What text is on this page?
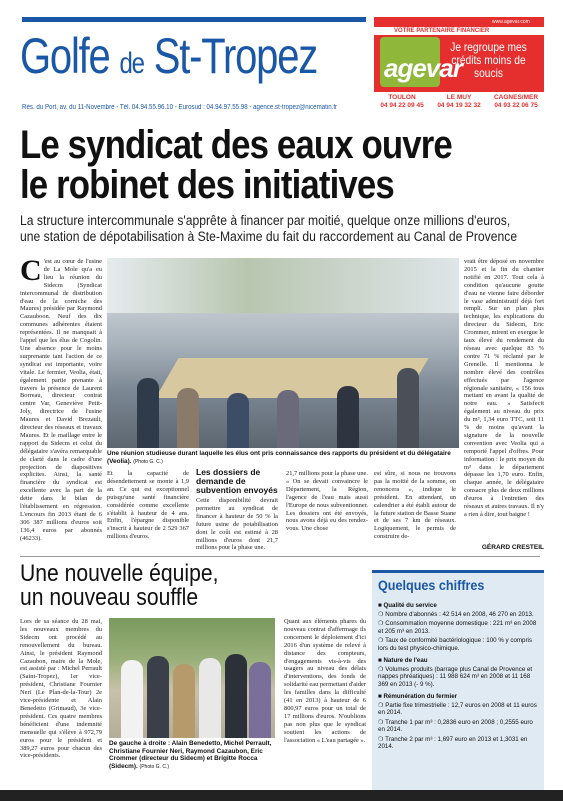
Golfe de St-Tropez
Rés. du Port, av. du 11-Novembre - Tél. 04.94.55.96.10 - Eurosud : 04.94.97.55.98 - agence.st-tropez@nicematin.fr
www.agevar.com
VOTRE PARTENAIRE FINANCIER
agevar
Je regroupe mes crédits moins de soucis
TOULON
04 94 22 09 45
LE MUY
04 94 19 32 32
CAGNES/MER
04 93 22 06 75
Le syndicat des eaux ouvre
le robinet des initiatives
La structure intercommunale s'apprête à financer par moitié, quelque onze millions d'euros,
une station de dépotabilisation à Ste-Maxime du fait du raccordement au Canal de Provence
C 'est au cœur de l'usine de La Mole qu'a eu lieu la réunion du Sidecm (Syndicat intercommunal de distribution d'eau de la corniche des Maures) présidée par Raymond Cazauboon. Neuf des dix communes adhérentes étaient représentées. Il ne manquait à l'appel que les élus de Cogolin. Une absence pour le moins surprenante tant l'action de ce syndicat est importante, voire vitale. Le fermier, Veolia, était, également partie prenante à travers la présence de Laurent Borreau, directeur contrat centre Var, Geneviève Petit-Joly, directrice de l'usine Maures et David Brezault, directeur des réseaux et travaux Maures. Et le maillage entre le rapport du Sidecm et celui du délégataire s'avéra remarquable de clarté dans le cadre d'une projection de diapositives explicites. Ainsi, la santé financière du syndicat est excellente avec la part de la dette dans le bilan de l'établissement en régression. L'encours fin 2013 étant de 6 306 387 millions d'euros soit 136,4 euros par abonnés (46233).
Une réunion studieuse durant laquelle les élus ont pris connaissance des rapports du président et du délégataire (Veolia). (Photo G. C.)
Et la capacité de désendettement se monte à 1,9 an. Ce qui est exceptionnel puisqu'une santé financière considérée comme excellente s'établit à hauteur de 4 ans. Enfin, l'épargne disponible s'inscrit à hauteur de 2 529 367 millions d'euros.
Les dossiers de demande de subvention envoyés
Cette disponibilité devrait permettre au syndicat de financer à hauteur de 50 % la future usine de potabilisation dont le coût est estimé à 28 millions d'euros dont 21,7 millions pour la phase une.
21,7 millions pour la phase une. « On se devait convaincre le Département, la Région, l'agence de l'eau mais aussi l'Europe de nous subventionner. Les dossiers ont été envoyés, nous avons déjà eu des rendez-vous. Une chose
est sûre, si nous ne trouvons pas la moitié de la somme, on renoncera », indique le président. En attendant, un calendrier a été établi autour de la future station de Basse Suane et de ses 7 km de réseaux. Logiquement, le permis de construire de-
vrait être déposé en novembre 2015 et la fin du chantier notifié en 2017. Tout cela à condition qu'aucune goutte d'eau ne vienne faire déborder le vase administratif déjà fort rempli. Sur un plan plus technique, les explications du directeur du Sidecm, Eric Crommer, mirent en exergue le taux élevé du rendement du réseau avec quelque 83 % contre 71 % réclamé par le Grenelle. Il mentionna le nombre élevé des contrôles effectués par l'agence régionale sanitaire, « 156 tous mettant en avant la qualité de notre eau. » Satisfecit également au niveau du prix du m³, 1,34 euro TTC, soit 11 % de moins qu'avant la signature de la nouvelle convention avec Veolia qui a remporté l'appel d'offres. Pour information : le prix moyen du m³ dans le département dépasse les 1,70 euro. Enfin, chaque année, le délégataire consacre plus de deux millions d'euros à l'entretien des réseaux et autres travaux. Il n'y a rien à dire, tout baigne !
GÉRARD CRESTEIL
Une nouvelle équipe,
un nouveau souffle
Lors de sa séance du 28 mai, les nouveaux membres du Sidecm ont procédé au renouvellement du bureau. Ainsi, le président Raymond Cazaubon, maire de la Mole, est assisté par : Michel Perrault (Saint-Tropez), 1er vice-président, Christiane Fournier Neri (Le Plan-de-la-Tour) 2e vice-présidente et Alain Benedetto (Grimaud), 3e vice-président. Ces quatre membres bénéficient d'une indemnité mensuelle qui s'élève à 972,79 euros pour le président et 389,27 euros pour chacun des vice-présidents.
De gauche à droite : Alain Benedetto, Michel Perrault, Christiane Fournier Neri, Raymond Cazaubon, Eric Crommer (directeur du Sidecm) et Brigitte Rocca (Sidecm). (Photo G. C.)
Quant aux éléments phares du nouveau contrat d'affermage ils concernent le déploiement d'ici 2016 d'un système de relevé à distance des compteurs, d'engagements vis-à-vis des usagers au niveau des délais d'interventions, des fonds de solidarité eau permettant d'aider les familles dans la difficulté (41 en 2013) à hauteur de 6 800,97 euros pour un total de 17 millions d'euros. N'oublions pas non plus que le syndicat soutient les actions de l'association « L'eau partagée ».
Quelques chiffres
■ Qualité du service
❍ Nombre d'abonnés : 42 514 en 2008, 46 270 en 2013.
❍ Consommation moyenne domestique : 221 m³ en 2008 et 205 m³ en 2013.
❍ Taux de conformité bactériologique : 100 % y compris lors du test physico-chimique.
■ Nature de l'eau
❍ Volumes produits (barrage plus Canal de Provence et nappes phréatiques) : 11 988 624 m³ en 2008 et 11 168 369 en 2013 (- 9 %).
■ Rémunération du fermier
❍ Partie fixe trimestrielle : 12,7 euros en 2008 et 11 euros en 2014.
❍ Tranche 1 par m³ : 0,2836 euro en 2008 ; 0,2555 euro en 2014.
❍ Tranche 2 par m³ : 1,697 euro en 2013 et 1,3031 en 2014.
